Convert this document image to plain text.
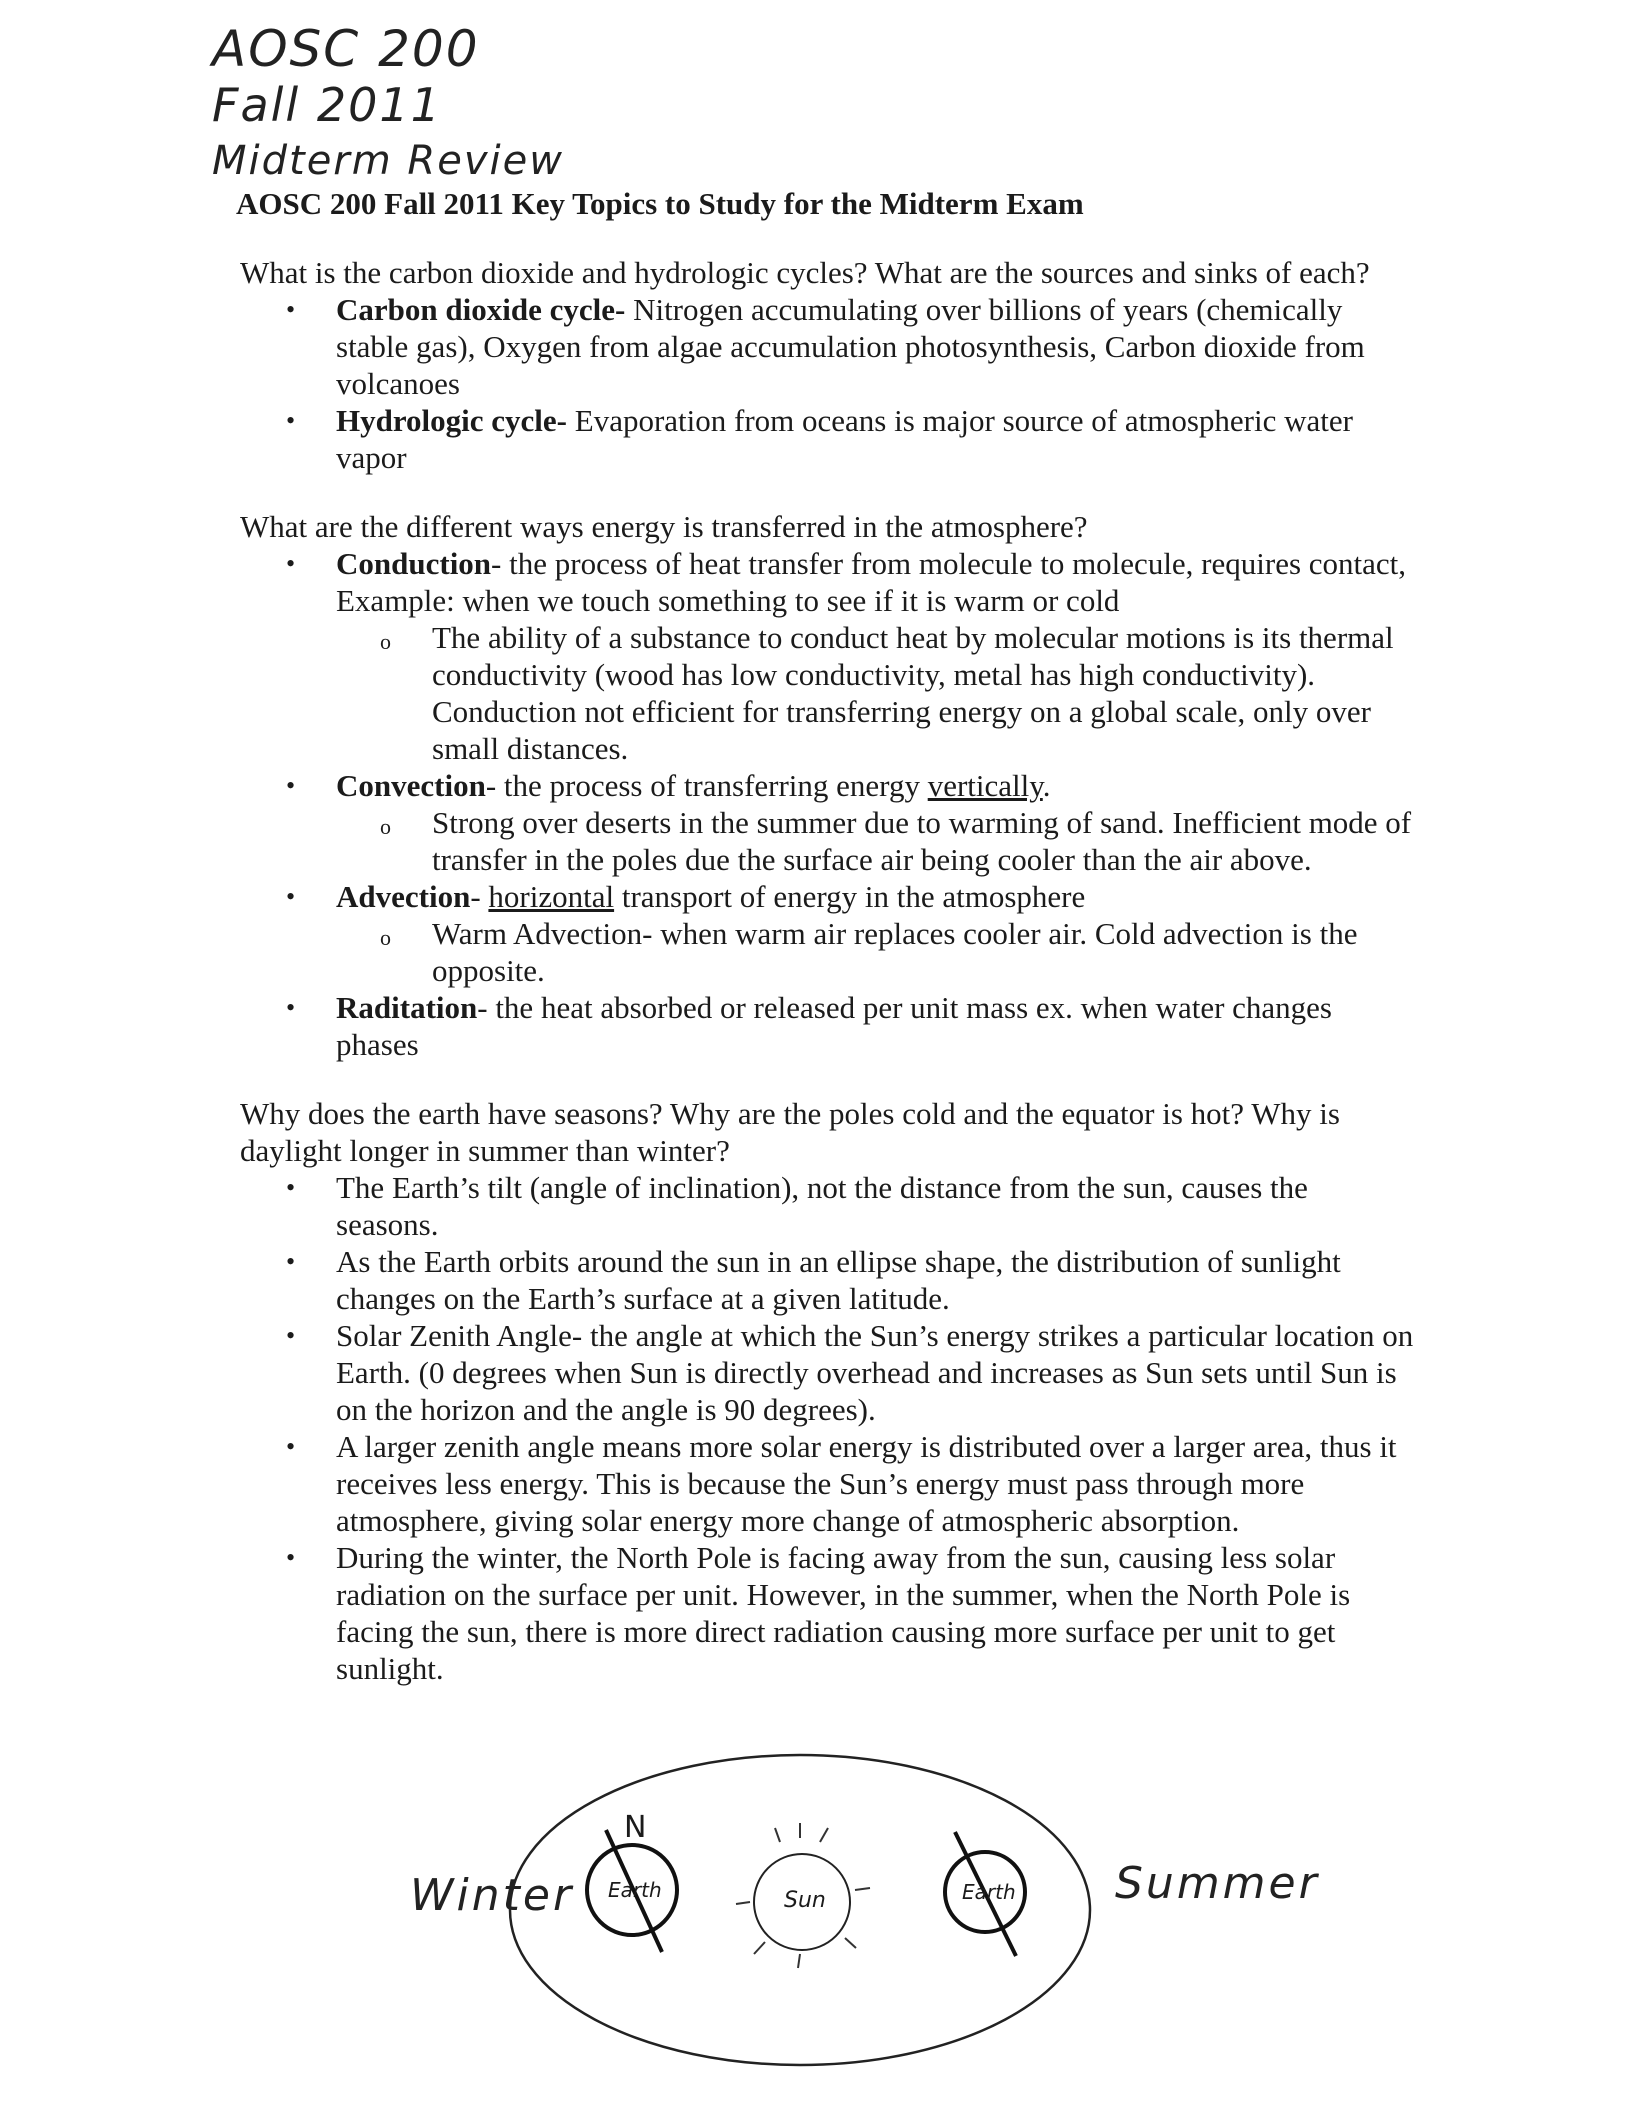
AOSC 200
Fall 2011
Midterm Review
AOSC 200 Fall 2011 Key Topics to Study for the Midterm Exam

What is the carbon dioxide and hydrologic cycles? What are the sources and sinks of each?

• Carbon dioxide cycle- Nitrogen accumulating over billions of years (chemically stable gas), Oxygen from algae accumulation photosynthesis, Carbon dioxide from volcanoes
• Hydrologic cycle- Evaporation from oceans is major source of atmospheric water vapor

What are the different ways energy is transferred in the atmosphere?

• Conduction- the process of heat transfer from molecule to molecule, requires contact, Example: when we touch something to see if it is warm or cold
o The ability of a substance to conduct heat by molecular motions is its thermal conductivity (wood has low conductivity, metal has high conductivity). Conduction not efficient for transferring energy on a global scale, only over small distances.
• Convection- the process of transferring energy vertically.
o Strong over deserts in the summer due to warming of sand. Inefficient mode of transfer in the poles due the surface air being cooler than the air above.
• Advection- horizontal transport of energy in the atmosphere
o Warm Advection- when warm air replaces cooler air. Cold advection is the opposite.
• Raditation- the heat absorbed or released per unit mass ex. when water changes phases

Why does the earth have seasons? Why are the poles cold and the equator is hot? Why is daylight longer in summer than winter?

• The Earth’s tilt (angle of inclination), not the distance from the sun, causes the seasons.
• As the Earth orbits around the sun in an ellipse shape, the distribution of sunlight changes on the Earth’s surface at a given latitude.
• Solar Zenith Angle- the angle at which the Sun’s energy strikes a particular location on Earth. (0 degrees when Sun is directly overhead and increases as Sun sets until Sun is on the horizon and the angle is 90 degrees).
• A larger zenith angle means more solar energy is distributed over a larger area, thus it receives less energy. This is because the Sun’s energy must pass through more atmosphere, giving solar energy more change of atmospheric absorption.
• During the winter, the North Pole is facing away from the sun, causing less solar radiation on the surface per unit. However, in the summer, when the North Pole is facing the sun, there is more direct radiation causing more surface per unit to get sunlight.
Winter	Summer
Earth	Earth
Sun
N
